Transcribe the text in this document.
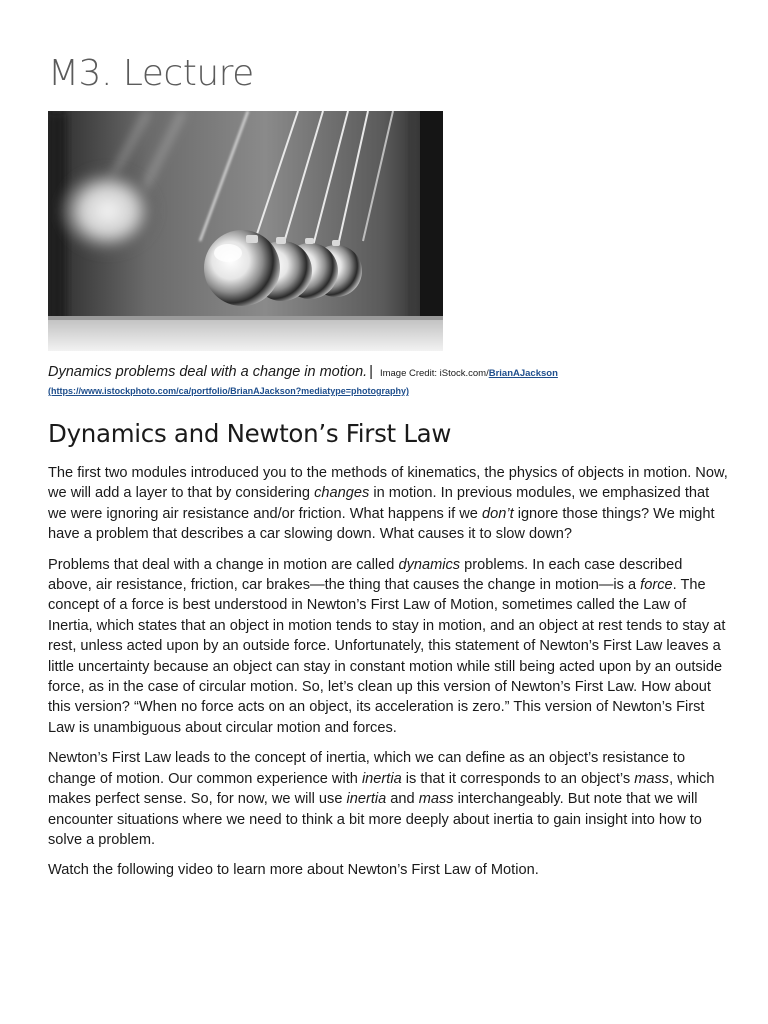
M3. Lecture
Dynamics problems deal with a change in motion. | Image Credit: iStock.com/BrianAJackson
(https://www.istockphoto.com/ca/portfolio/BrianAJackson?mediatype=photography)
Dynamics and Newton’s First Law

The first two modules introduced you to the methods of kinematics, the physics of objects in motion. Now, we will add a layer to that by considering changes in motion. In previous modules, we emphasized that we were ignoring air resistance and/or friction. What happens if we don’t ignore those things? We might have a problem that describes a car slowing down. What causes it to slow down?

Problems that deal with a change in motion are called dynamics problems. In each case described above, air resistance, friction, car brakes—the thing that causes the change in motion—is a force. The concept of a force is best understood in Newton’s First Law of Motion, sometimes called the Law of Inertia, which states that an object in motion tends to stay in motion, and an object at rest tends to stay at rest, unless acted upon by an outside force. Unfortunately, this statement of Newton’s First Law leaves a little uncertainty because an object can stay in constant motion while still being acted upon by an outside force, as in the case of circular motion. So, let’s clean up this version of Newton’s First Law. How about this version? “When no force acts on an object, its acceleration is zero.” This version of Newton’s First Law is unambiguous about circular motion and forces.

Newton’s First Law leads to the concept of inertia, which we can define as an object’s resistance to change of motion. Our common experience with inertia is that it corresponds to an object’s mass, which makes perfect sense. So, for now, we will use inertia and mass interchangeably. But note that we will encounter situations where we need to think a bit more deeply about inertia to gain insight into how to solve a problem.

Watch the following video to learn more about Newton’s First Law of Motion.
